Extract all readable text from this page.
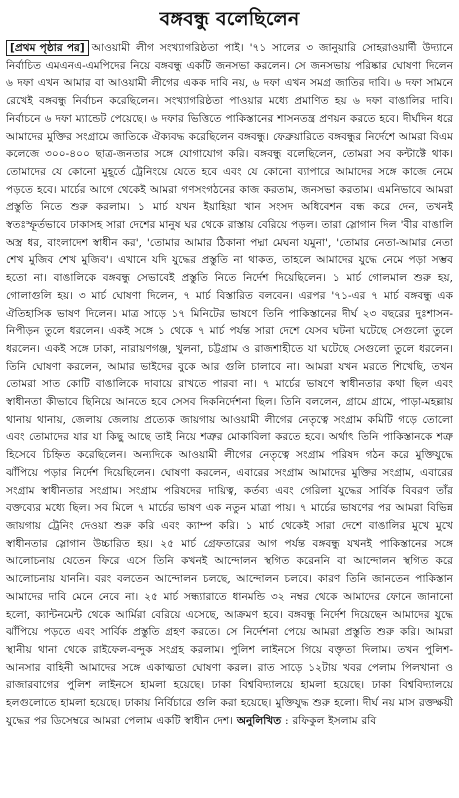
বঙ্গবন্ধু বলেছিলেন
[প্রথম পৃষ্ঠার পর] আওয়ামী লীগ সংখ্যাগরিষ্ঠতা পাই। '৭১ সালের ৩ জানুয়ারি সোহরাওয়ার্দী উদ্যানে নির্বাচিত এমএনএ-এমপিদের নিয়ে বঙ্গবন্ধু একটি জনসভা করলেন। সে জনসভায় পরিষ্কার ঘোষণা দিলেন ৬ দফা এখন আমার বা আওয়ামী লীগের একক দাবি নয়, ৬ দফা এখন সমগ্র জাতির দাবি। ৬ দফা সামনে রেখেই বঙ্গবন্ধু নির্বাচন করেছিলেন। সংখ্যাগরিষ্ঠতা পাওয়ার মধ্যে প্রমাণিত হয় ৬ দফা বাঙালির দাবি। নির্বাচনে ৬ দফা ম্যান্ডেট পেয়েছে। ৬ দফার ভিত্তিতে পাকিস্তানের শাসনতন্ত্র প্রণয়ন করতে হবে। দীর্ঘদিন ধরে আমাদের মুক্তির সংগ্রামে জাতিকে ঐক্যবদ্ধ করেছিলেন বঙ্গবন্ধু। ফেব্রুয়ারিতে বঙ্গবন্ধুর নির্দেশে আমরা বিএম কলেজে ৩০০-৪০০ ছাত্র-জনতার সঙ্গে যোগাযোগ করি। বঙ্গবন্ধু বলেছিলেন, তোমরা সব কন্টাক্টে থাক। তোমাদের যে কোনো মুহূর্তে ট্রেনিংয়ে যেতে হবে এবং যে কোনো ব্যাপারে আমাদের সঙ্গে কাজে নেমে পড়তে হবে। মার্চের আগে থেকেই আমরা গণসংগঠনের কাজ করতাম, জনসভা করতাম। এমনিভাবে আমরা প্রস্তুতি নিতে শুরু করলাম। ১ মার্চ যখন ইয়াহিয়া খান সংসদ অধিবেশন বন্ধ করে দেন, তখনই স্বতঃস্ফূর্তভাবে ঢাকাসহ সারা দেশের মানুষ ঘর থেকে রাস্তায় বেরিয়ে পড়ল। তারা স্লোগান দিল 'বীর বাঙালি অস্ত্র ধর, বাংলাদেশ স্বাধীন কর', 'তোমার আমার ঠিকানা পদ্মা মেঘনা যমুনা', 'তোমার নেতা-আমার নেতা শেখ মুজিব শেখ মুজিব'। এখানে যদি যুদ্ধের প্রস্তুতি না থাকত, তাহলে আমাদের যুদ্ধে নেমে পড়া সম্ভব হতো না। বাঙালিকে বঙ্গবন্ধু সেভাবেই প্রস্তুতি নিতে নির্দেশ দিয়েছিলেন। ১ মার্চ গোলমাল শুরু হয়, গোলাগুলি হয়। ৩ মার্চ ঘোষণা দিলেন, ৭ মার্চ বিস্তারিত বলবেন। এরপর '৭১-এর ৭ মার্চ বঙ্গবন্ধু এক ঐতিহাসিক ভাষণ দিলেন। মাত্র সাড়ে ১৭ মিনিটের ভাষণে তিনি পাকিস্তানের দীর্ঘ ২৩ বছরের দুঃশাসন-নিপীড়ন তুলে ধরলেন। একই সঙ্গে ১ থেকে ৭ মার্চ পর্যন্ত সারা দেশে যেসব ঘটনা ঘটেছে সেগুলো তুলে ধরলেন। একই সঙ্গে ঢাকা, নারায়ণগঞ্জ, খুলনা, চট্টগ্রাম ও রাজশাহীতে যা ঘটেছে সেগুলো তুলে ধরলেন। তিনি ঘোষণা করলেন, আমার ভাইদের বুকে আর গুলি চালাবে না। আমরা যখন মরতে শিখেছি, তখন তোমরা সাত কোটি বাঙালিকে দাবায়ে রাখতে পারবা না। ৭ মার্চের ভাষণে স্বাধীনতার কথা ছিল এবং স্বাধীনতা কীভাবে ছিনিয়ে আনতে হবে সেসব দিকনির্দেশনা ছিল। তিনি বললেন, গ্রামে গ্রামে, পাড়া-মহল্লায় থানায় থানায়, জেলায় জেলায় প্রত্যেক জায়গায় আওয়ামী লীগের নেতৃত্বে সংগ্রাম কমিটি গড়ে তোলো এবং তোমাদের যার যা কিছু আছে তাই নিয়ে শত্রুর মোকাবিলা করতে হবে। অর্থাৎ তিনি পাকিস্তানকে শত্রু হিসেবে চিহ্নিত করেছিলেন। অন্যদিকে আওয়ামী লীগের নেতৃত্বে সংগ্রাম পরিষদ গঠন করে মুক্তিযুদ্ধে ঝাঁপিয়ে পড়ার নির্দেশ দিয়েছিলেন। ঘোষণা করলেন, এবারের সংগ্রাম আমাদের মুক্তির সংগ্রাম, এবারের সংগ্রাম স্বাধীনতার সংগ্রাম। সংগ্রাম পরিষদের দায়িত্ব, কর্তব্য এবং গেরিলা যুদ্ধের সার্বিক বিবরণ তাঁর বক্তব্যের মধ্যে ছিল। সব মিলে ৭ মার্চের ভাষণ এক নতুন মাত্রা পায়। ৭ মার্চের ভাষণের পর আমরা বিভিন্ন জায়গায় ট্রেনিং দেওয়া শুরু করি এবং ক্যাম্প করি। ১ মার্চ থেকেই সারা দেশে বাঙালির মুখে মুখে স্বাধীনতার স্লোগান উচ্চারিত হয়। ২৫ মার্চ গ্রেফতারের আগ পর্যন্ত বঙ্গবন্ধু যখনই পাকিস্তানের সঙ্গে আলোচনায় যেতেন ফিরে এসে তিনি কখনই আন্দোলন স্থগিত করেননি বা আন্দোলন স্থগিত করে আলোচনায় যাননি। বরং বলতেন আন্দোলন চলছে, আন্দোলন চলবে। কারণ তিনি জানতেন পাকিস্তান আমাদের দাবি মেনে নেবে না। ২৫ মার্চ সন্ধ্যারাতে ধানমন্ডি ৩২ নম্বর থেকে আমাদের ফোনে জানানো হলো, ক্যান্টনমেন্ট থেকে আর্মিরা বেরিয়ে এসেছে, আক্রমণ হবে। বঙ্গবন্ধু নির্দেশ দিয়েছেন আমাদের যুদ্ধে ঝাঁপিয়ে পড়তে এবং সার্বিক প্রস্তুতি গ্রহণ করতে। সে নির্দেশনা পেয়ে আমরা প্রস্তুতি শুরু করি। আমরা স্থানীয় থানা থেকে রাইফেল-বন্দুক সংগ্রহ করলাম। পুলিশ লাইনসে গিয়ে বক্তৃতা দিলাম। তখন পুলিশ-আনসার বাহিনী আমাদের সঙ্গে একাত্মতা ঘোষণা করল। রাত সাড়ে ১২টায় খবর পেলাম পিলখানা ও রাজারবাগের পুলিশ লাইনসে হামলা হয়েছে। ঢাকা বিশ্ববিদ্যালয়ে হামলা হয়েছে। ঢাকা বিশ্ববিদ্যালয়ে হলগুলোতে হামলা হয়েছে। ঢাকায় নির্বিচারে গুলি করা হয়েছে। মুক্তিযুদ্ধ শুরু হলো। দীর্ঘ নয় মাস রক্তক্ষয়ী যুদ্ধের পর ডিসেম্বরে আমরা পেলাম একটি স্বাধীন দেশ। অনুলিখিত : রফিকুল ইসলাম রবি
